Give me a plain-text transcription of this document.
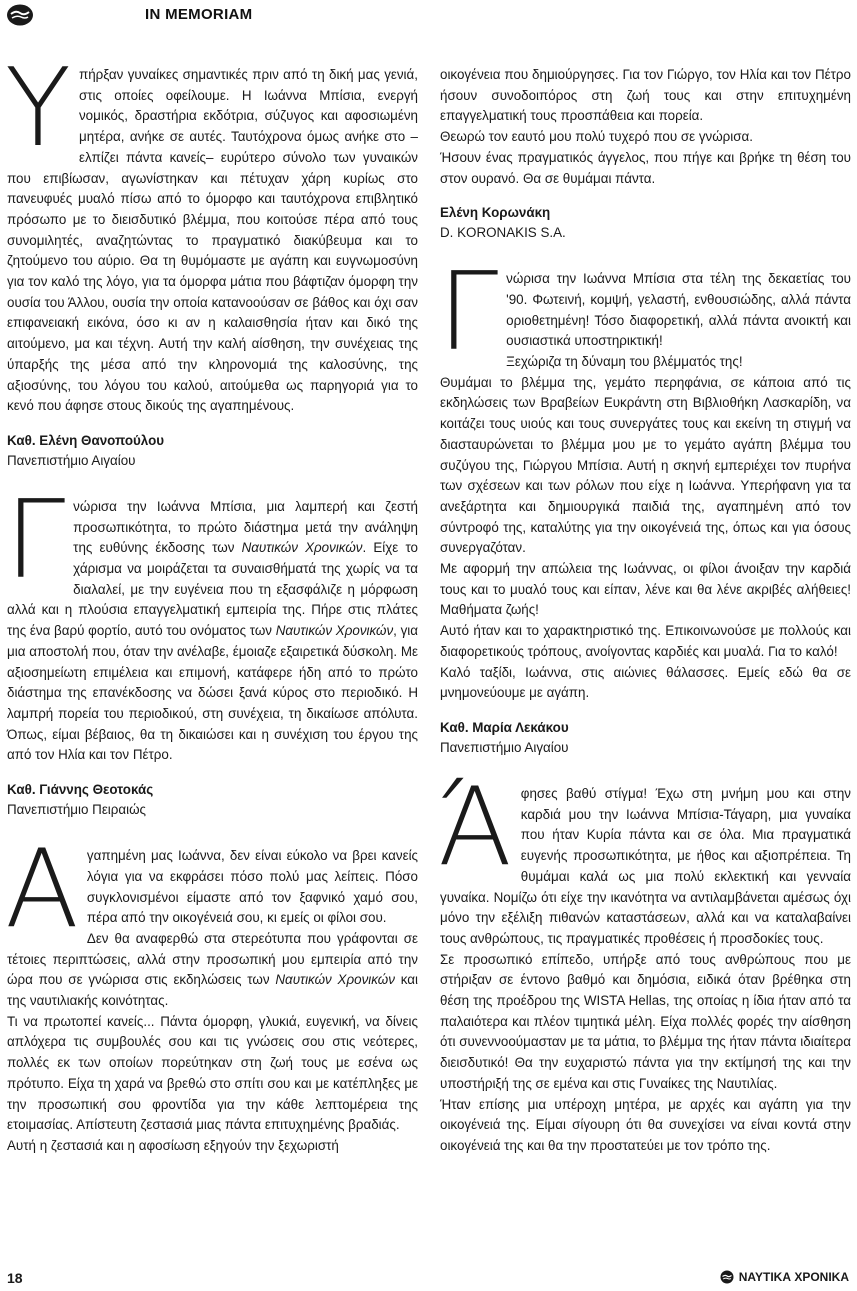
IN MEMORIAM

Υπήρξαν γυναίκες σημαντικές πριν από τη δική μας γενιά, στις οποίες οφείλουμε. Η Ιωάννα Μπίσια, ενεργή νομικός, δραστήρια εκδότρια, σύζυγος και αφοσιωμένη μητέρα, ανήκε σε αυτές. Ταυτόχρονα όμως ανήκε στο –ελπίζει πάντα κανείς– ευρύτερο σύνολο των γυναικών που επιβίωσαν, αγωνίστηκαν και πέτυχαν χάρη κυρίως στο πανευφυές μυαλό πίσω από το όμορφο και ταυτόχρονα επιβλητικό πρόσωπο με το διεισδυτικό βλέμμα, που κοιτούσε πέρα από τους συνομιλητές, αναζητώντας το πραγματικό διακύβευμα και το ζητούμενο του αύριο. Θα τη θυμόμαστε με αγάπη και ευγνωμοσύνη για τον καλό της λόγο, για τα όμορφα μάτια που βάφτιζαν όμορφη την ουσία του Άλλου, ουσία την οποία κατανοούσαν σε βάθος και όχι σαν επιφανειακή εικόνα, όσο κι αν η καλαισθησία ήταν και δικό της αιτούμενο, μα και τέχνη. Αυτή την καλή αίσθηση, την συνέχειας της ύπαρξής της μέσα από την κληρονομιά της καλοσύνης, της αξιοσύνης, του λόγου του καλού, αιτούμεθα ως παρηγοριά για το κενό που άφησε στους δικούς της αγαπημένους.

Καθ. Ελένη Θανοπούλου
Πανεπιστήμιο Αιγαίου

Γνώρισα την Ιωάννα Μπίσια, μια λαμπερή και ζεστή προσωπικότητα, το πρώτο διάστημα μετά την ανάληψη της ευθύνης έκδοσης των Ναυτικών Χρονικών. Είχε το χάρισμα να μοιράζεται τα συναισθήματά της χωρίς να τα διαλαλεί, με την ευγένεια που τη εξασφάλιζε η μόρφωση αλλά και η πλούσια επαγγελματική εμπειρία της. Πήρε στις πλάτες της ένα βαρύ φορτίο, αυτό του ονόματος των Ναυτικών Χρονικών, για μια αποστολή που, όταν την ανέλαβε, έμοιαζε εξαιρετικά δύσκολη. Με αξιοσημείωτη επιμέλεια και επιμονή, κατάφερε ήδη από το πρώτο διάστημα της επανέκδοσης να δώσει ξανά κύρος στο περιοδικό. Η λαμπρή πορεία του περιοδικού, στη συνέχεια, τη δικαίωσε απόλυτα. Όπως, είμαι βέβαιος, θα τη δικαιώσει και η συνέχιση του έργου της από τον Ηλία και τον Πέτρο.

Καθ. Γιάννης Θεοτοκάς
Πανεπιστήμιο Πειραιώς

Αγαπημένη μας Ιωάννα, δεν είναι εύκολο να βρει κανείς λόγια για να εκφράσει πόσο πολύ μας λείπεις. Πόσο συγκλονισμένοι είμαστε από τον ξαφνικό χαμό σου, πέρα από την οικογένειά σου, κι εμείς οι φίλοι σου.

Δεν θα αναφερθώ στα στερεότυπα που γράφονται σε τέτοιες περιπτώσεις, αλλά στην προσωπική μου εμπειρία από την ώρα που σε γνώρισα στις εκδηλώσεις των Ναυτικών Χρονικών και της ναυτιλιακής κοινότητας.

Τι να πρωτοπεί κανείς... Πάντα όμορφη, γλυκιά, ευγενική, να δίνεις απλόχερα τις συμβουλές σου και τις γνώσεις σου στις νεότερες, πολλές εκ των οποίων πορεύτηκαν στη ζωή τους με εσένα ως πρότυπο. Είχα τη χαρά να βρεθώ στο σπίτι σου και με κατέπληξες με την προσωπική σου φροντίδα για την κάθε λεπτομέρεια της ετοιμασίας. Απίστευτη ζεστασιά μιας πάντα επιτυχημένης βραδιάς.

Αυτή η ζεστασιά και η αφοσίωση εξηγούν την ξεχωριστή

οικογένεια που δημιούργησες. Για τον Γιώργο, τον Ηλία και τον Πέτρο ήσουν συνοδοιπόρος στη ζωή τους και στην επιτυχημένη επαγγελματική τους προσπάθεια και πορεία.

Θεωρώ τον εαυτό μου πολύ τυχερό που σε γνώρισα.

Ήσουν ένας πραγματικός άγγελος, που πήγε και βρήκε τη θέση του στον ουρανό. Θα σε θυμάμαι πάντα.

Ελένη Κορωνάκη
D. KORONAKIS S.A.

Γνώρισα την Ιωάννα Μπίσια στα τέλη της δεκαετίας του '90. Φωτεινή, κομψή, γελαστή, ενθουσιώδης, αλλά πάντα οριοθετημένη! Τόσο διαφορετική, αλλά πάντα ανοικτή και ουσιαστικά υποστηρικτική!

Ξεχώριζα τη δύναμη του βλέμματός της!

Θυμάμαι το βλέμμα της, γεμάτο περηφάνια, σε κάποια από τις εκδηλώσεις των Βραβείων Ευκράντη στη Βιβλιοθήκη Λασκαρίδη, να κοιτάζει τους υιούς και τους συνεργάτες τους και εκείνη τη στιγμή να διασταυρώνεται το βλέμμα μου με το γεμάτο αγάπη βλέμμα του συζύγου της, Γιώργου Μπίσια. Αυτή η σκηνή εμπεριέχει τον πυρήνα των σχέσεων και των ρόλων που είχε η Ιωάννα. Υπερήφανη για τα ανεξάρτητα και δημιουργικά παιδιά της, αγαπημένη από τον σύντροφό της, καταλύτης για την οικογένειά της, όπως και για όσους συνεργαζόταν.

Με αφορμή την απώλεια της Ιωάννας, οι φίλοι άνοιξαν την καρδιά τους και το μυαλό τους και είπαν, λένε και θα λένε ακριβές αλήθειες! Μαθήματα ζωής!

Αυτό ήταν και το χαρακτηριστικό της. Επικοινωνούσε με πολλούς και διαφορετικούς τρόπους, ανοίγοντας καρδιές και μυαλά. Για το καλό!

Καλό ταξίδι, Ιωάννα, στις αιώνιες θάλασσες. Εμείς εδώ θα σε μνημονεύουμε με αγάπη.

Καθ. Μαρία Λεκάκου
Πανεπιστήμιο Αιγαίου

Άφησες βαθύ στίγμα! Έχω στη μνήμη μου και στην καρδιά μου την Ιωάννα Μπίσια-Τάγαρη, μια γυναίκα που ήταν Κυρία πάντα και σε όλα. Μια πραγματικά ευγενής προσωπικότητα, με ήθος και αξιοπρέπεια. Τη θυμάμαι καλά ως μια πολύ εκλεκτική και γενναία γυναίκα. Νομίζω ότι είχε την ικανότητα να αντιλαμβάνεται αμέσως όχι μόνο την εξέλιξη πιθανών καταστάσεων, αλλά και να καταλαβαίνει τους ανθρώπους, τις πραγματικές προθέσεις ή προσδοκίες τους.

Σε προσωπικό επίπεδο, υπήρξε από τους ανθρώπους που με στήριξαν σε έντονο βαθμό και δημόσια, ειδικά όταν βρέθηκα στη θέση της προέδρου της WISTA Hellas, της οποίας η ίδια ήταν από τα παλαιότερα και πλέον τιμητικά μέλη. Είχα πολλές φορές την αίσθηση ότι συνεννοούμασταν με τα μάτια, το βλέμμα της ήταν πάντα ιδιαίτερα διεισδυτικό! Θα την ευχαριστώ πάντα για την εκτίμησή της και την υποστήριξή της σε εμένα και στις Γυναίκες της Ναυτιλίας.

Ήταν επίσης μια υπέροχη μητέρα, με αρχές και αγάπη για την οικογένειά της. Είμαι σίγουρη ότι θα συνεχίσει να είναι κοντά στην οικογένειά της και θα την προστατεύει με τον τρόπο της.

18	ΝΑΥΤΙΚΑ ΧΡΟΝΙΚΑ
